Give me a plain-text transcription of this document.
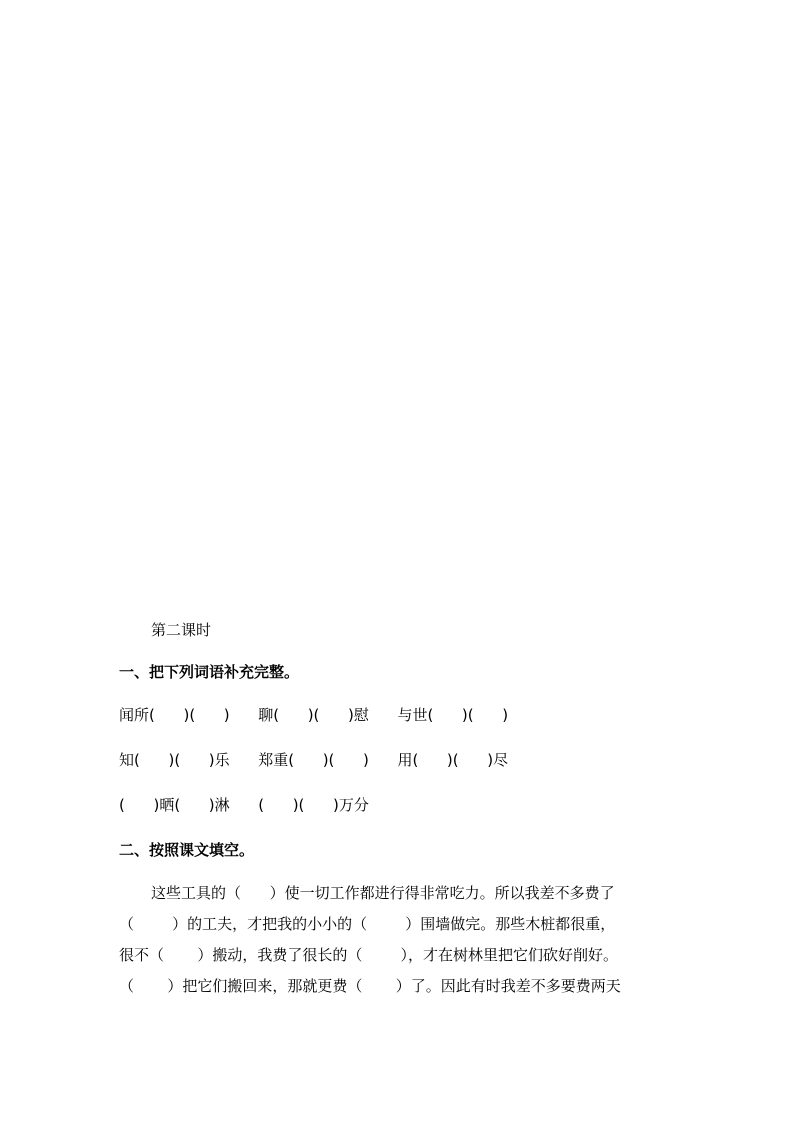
第二课时
一、把下列词语补充完整。
闻所(      )(      )      聊(      )(      )慰      与世(      )(      )
知(      )(      )乐      郑重(      )(      )      用(      )(      )尽
(      )晒(      )淋      (      )(      )万分
二、按照课文填空。
这些工具的（      ）使一切工作都进行得非常吃力。所以我差不多费了
（        ）的工夫，才把我的小小的（        ）围墙做完。那些木桩都很重，
很不（       ）搬动，我费了很长的（        ），才在树林里把它们砍好削好。
（       ）把它们搬回来，那就更费（       ）了。因此有时我差不多要费两天
